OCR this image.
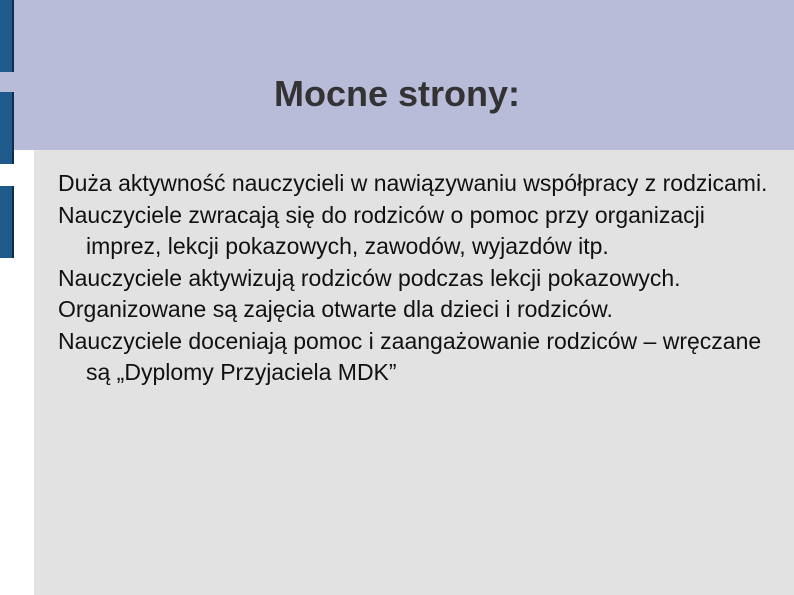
Mocne strony:
Duża aktywność nauczycieli w nawiązywaniu współpracy z rodzicami.
Nauczyciele zwracają się do rodziców o pomoc przy organizacji imprez, lekcji pokazowych, zawodów, wyjazdów itp.
Nauczyciele aktywizują rodziców podczas lekcji pokazowych.
Organizowane są zajęcia otwarte dla dzieci i rodziców.
Nauczyciele doceniają pomoc i zaangażowanie rodziców – wręczane są „Dyplomy Przyjaciela MDK”
